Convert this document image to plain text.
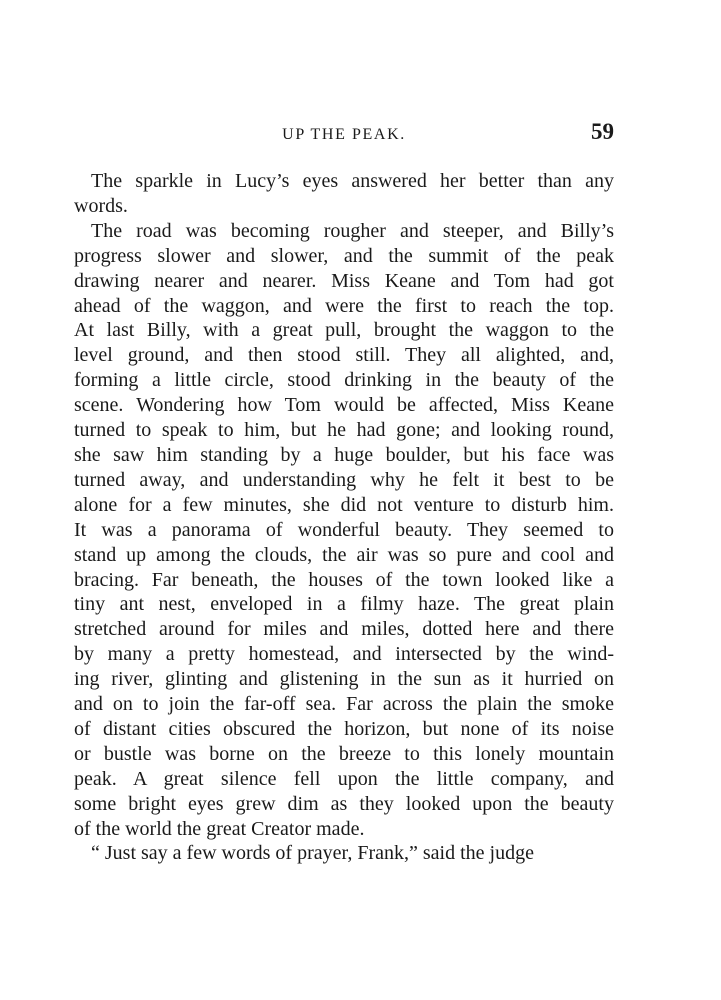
UP THE PEAK.	59
The sparkle in Lucy’s eyes answered her better than any
words.
The road was becoming rougher and steeper, and Billy’s
progress slower and slower, and the summit of the peak
drawing nearer and nearer. Miss Keane and Tom had got
ahead of the waggon, and were the first to reach the top.
At last Billy, with a great pull, brought the waggon to the
level ground, and then stood still. They all alighted, and,
forming a little circle, stood drinking in the beauty of the
scene. Wondering how Tom would be affected, Miss Keane
turned to speak to him, but he had gone; and looking round,
she saw him standing by a huge boulder, but his face was
turned away, and understanding why he felt it best to be
alone for a few minutes, she did not venture to disturb him.
It was a panorama of wonderful beauty. They seemed to
stand up among the clouds, the air was so pure and cool and
bracing. Far beneath, the houses of the town looked like a
tiny ant nest, enveloped in a filmy haze. The great plain
stretched around for miles and miles, dotted here and there
by many a pretty homestead, and intersected by the wind-
ing river, glinting and glistening in the sun as it hurried on
and on to join the far-off sea. Far across the plain the smoke
of distant cities obscured the horizon, but none of its noise
or bustle was borne on the breeze to this lonely mountain
peak. A great silence fell upon the little company, and
some bright eyes grew dim as they looked upon the beauty
of the world the great Creator made.
“ Just say a few words of prayer, Frank,” said the judge
